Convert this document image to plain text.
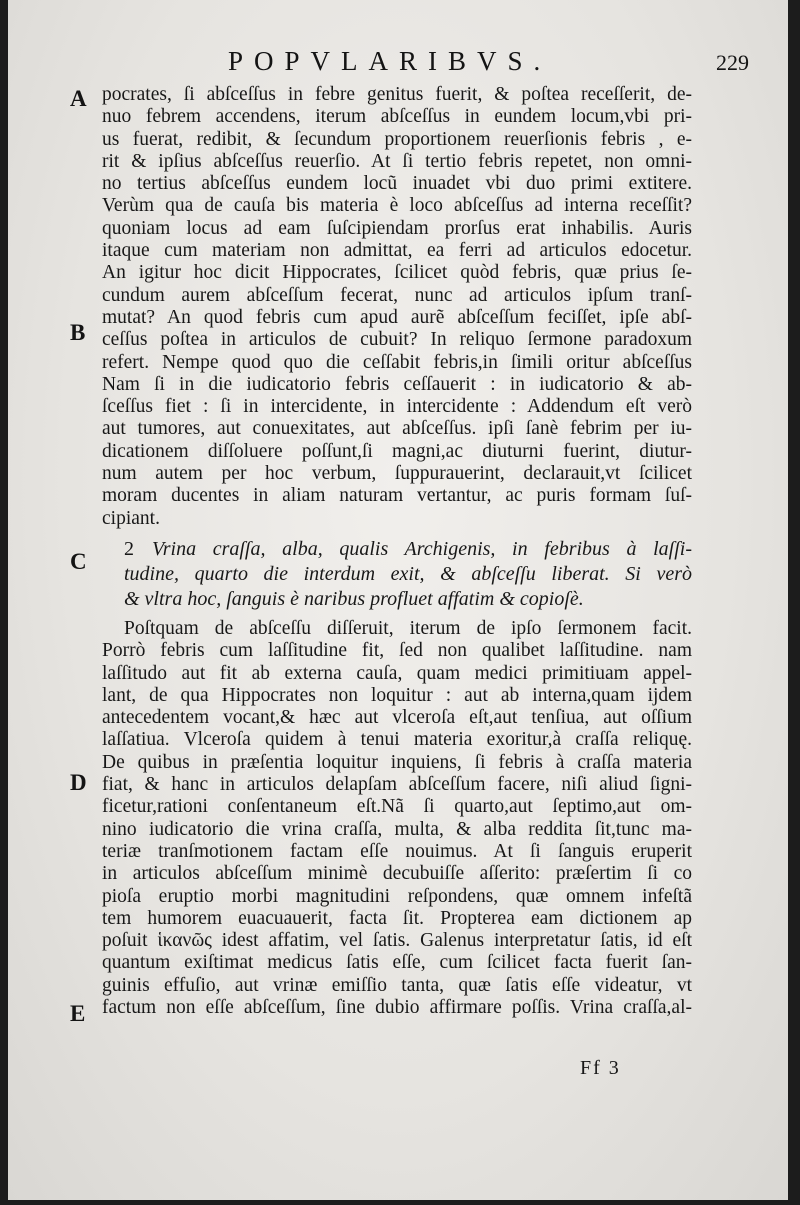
POPVLARIBVS.	229
A
B
C
D
E
pocrates, ſi abſceſſus in febre genitus fuerit, & poſtea receſſerit, de-
nuo febrem accendens, iterum abſceſſus in eundem locum,vbi pri-
us fuerat, redibit, & ſecundum proportionem reuerſionis febris , e-
rit & ipſius abſceſſus reuerſio. At ſi tertio febris repetet, non omni-
no tertius abſceſſus eundem locũ inuadet vbi duo primi extitere.
Verùm qua de cauſa bis materia è loco abſceſſus ad interna receſſit?
quoniam locus ad eam ſuſcipiendam prorſus erat inhabilis. Auris
itaque cum materiam non admittat, ea ferri ad articulos edocetur.
An igitur hoc dicit Hippocrates, ſcilicet quòd febris, quæ prius ſe-
cundum aurem abſceſſum fecerat, nunc ad articulos ipſum tranſ-
mutat? An quod febris cum apud aurẽ abſceſſum feciſſet, ipſe abſ-
ceſſus poſtea in articulos de cubuit? In reliquo ſermone paradoxum
refert. Nempe quod quo die ceſſabit febris,in ſimili oritur abſceſſus
Nam ſi in die iudicatorio febris ceſſauerit : in iudicatorio & ab-
ſceſſus fiet : ſi in intercidente, in intercidente : Addendum eſt verò
aut tumores, aut conuexitates, aut abſceſſus. ipſi ſanè febrim per iu-
dicationem diſſoluere poſſunt,ſi magni,ac diuturni fuerint, diutur-
num autem per hoc verbum, ſuppurauerint, declarauit,vt ſcilicet
moram ducentes in aliam naturam vertantur, ac puris formam ſuſ-
cipiant.
2 Vrina craſſa, alba, qualis Archigenis, in febribus à laſſi-
tudine, quarto die interdum exit, & abſceſſu liberat. Si verò
& vltra hoc, ſanguis è naribus profluet affatim & copioſè.
Poſtquam de abſceſſu diſſeruit, iterum de ipſo ſermonem facit.
Porrò febris cum laſſitudine fit, ſed non qualibet laſſitudine. nam
laſſitudo aut fit ab externa cauſa, quam medici primitiuam appel-
lant, de qua Hippocrates non loquitur : aut ab interna,quam ijdem
antecedentem vocant,& hæc aut vlceroſa eſt,aut tenſiua, aut oſſium
laſſatiua. Vlceroſa quidem à tenui materia exoritur,à craſſa reliquę.
De quibus in præſentia loquitur inquiens, ſi febris à craſſa materia
fiat, & hanc in articulos delapſam abſceſſum facere, niſi aliud ſigni-
ficetur,rationi conſentaneum eſt.Nã ſi quarto,aut ſeptimo,aut om-
nino iudicatorio die vrina craſſa, multa, & alba reddita ſit,tunc ma-
teriæ tranſmotionem factam eſſe nouimus. At ſi ſanguis eruperit
in articulos abſceſſum minimè decubuiſſe aſſerito: præſertim ſi co
pioſa eruptio morbi magnitudini reſpondens, quæ omnem infeſtã
tem humorem euacuauerit, facta ſit. Propterea eam dictionem ap
poſuit ἱκανῶς idest affatim, vel ſatis. Galenus interpretatur ſatis, id eſt
quantum exiſtimat medicus ſatis eſſe, cum ſcilicet facta fuerit ſan-
guinis effuſio, aut vrinæ emiſſio tanta, quæ ſatis eſſe videatur, vt
factum non eſſe abſceſſum, ſine dubio affirmare poſſis. Vrina craſſa,al-
Ff 3
